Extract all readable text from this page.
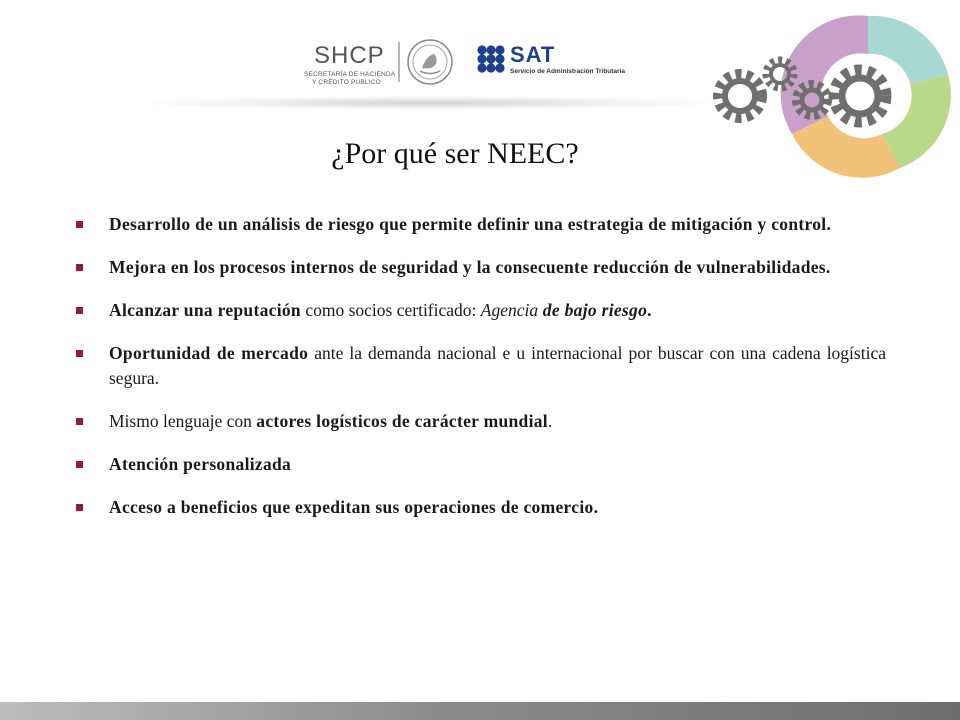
SHCP
SECRETARÍA DE HACIENDA
Y CRÉDITO PÚBLICO
SAT
Servicio de Administración Tributaria
¿Por qué ser NEEC?
Desarrollo de un análisis de riesgo que permite definir una estrategia de mitigación y control.
Mejora en los procesos internos de seguridad y la consecuente reducción de vulnerabilidades.
Alcanzar una reputación como socios certificado: Agencia de bajo riesgo.
Oportunidad de mercado ante la demanda nacional e u internacional por buscar con una cadena logística segura.
Mismo lenguaje con actores logísticos de carácter mundial.
Atención personalizada
Acceso a beneficios que expeditan sus operaciones de comercio.
